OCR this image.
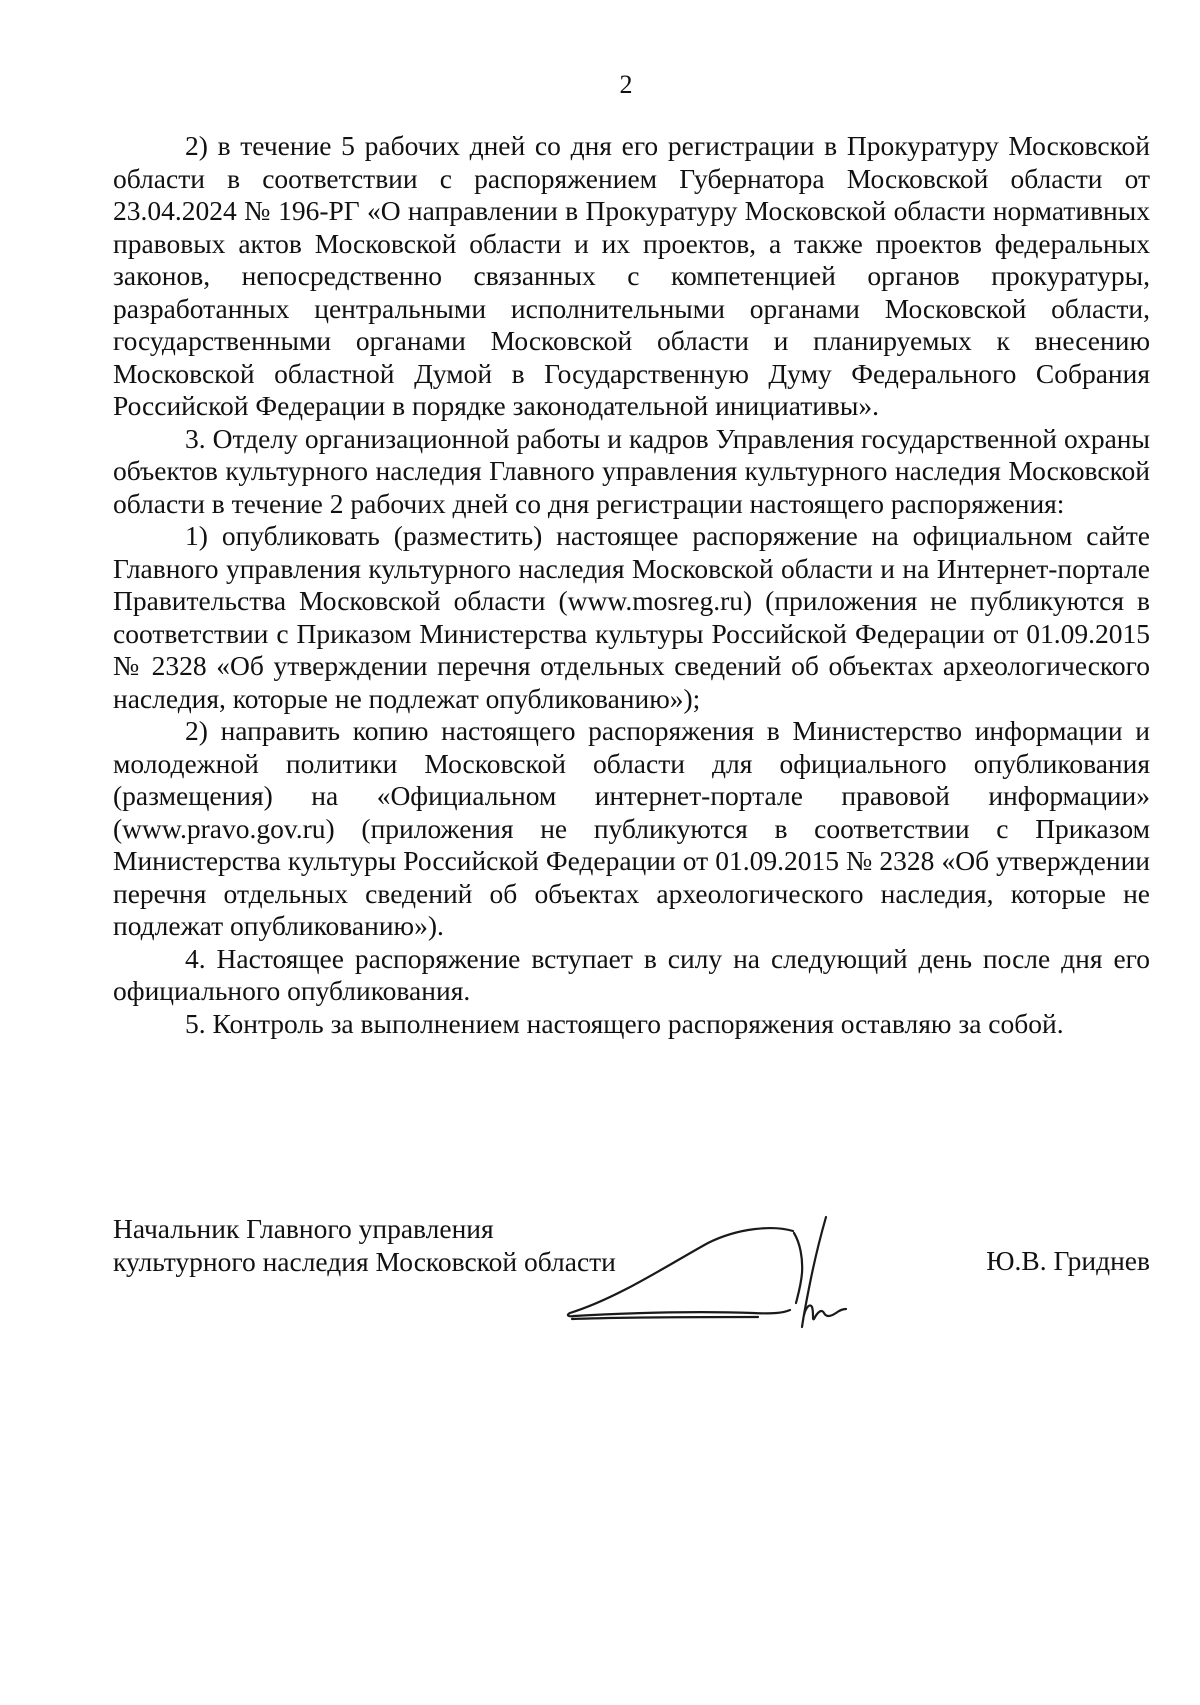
2

2) в течение 5 рабочих дней со дня его регистрации в Прокуратуру Московской области в соответствии с распоряжением Губернатора Московской области от 23.04.2024 № 196-РГ «О направлении в Прокуратуру Московской области нормативных правовых актов Московской области и их проектов, а также проектов федеральных законов, непосредственно связанных с компетенцией органов прокуратуры, разработанных центральными исполнительными органами Московской области, государственными органами Московской области и планируемых к внесению Московской областной Думой в Государственную Думу Федерального Собрания Российской Федерации в порядке законодательной инициативы».

3. Отделу организационной работы и кадров Управления государственной охраны объектов культурного наследия Главного управления культурного наследия Московской области в течение 2 рабочих дней со дня регистрации настоящего распоряжения:

1) опубликовать (разместить) настоящее распоряжение на официальном сайте Главного управления культурного наследия Московской области и на Интернет-портале Правительства Московской области (www.mosreg.ru) (приложения не публикуются в соответствии с Приказом Министерства культуры Российской Федерации от 01.09.2015 № 2328 «Об утверждении перечня отдельных сведений об объектах археологического наследия, которые не подлежат опубликованию»);

2) направить копию настоящего распоряжения в Министерство информации и молодежной политики Московской области для официального опубликования (размещения) на «Официальном интернет-портале правовой информации» (www.pravo.gov.ru) (приложения не публикуются в соответствии с Приказом Министерства культуры Российской Федерации от 01.09.2015 № 2328 «Об утверждении перечня отдельных сведений об объектах археологического наследия, которые не подлежат опубликованию»).

4. Настоящее распоряжение вступает в силу на следующий день после дня его официального опубликования.

5. Контроль за выполнением настоящего распоряжения оставляю за собой.

Начальник Главного управления
культурного наследия Московской области	Ю.В. Гриднев
